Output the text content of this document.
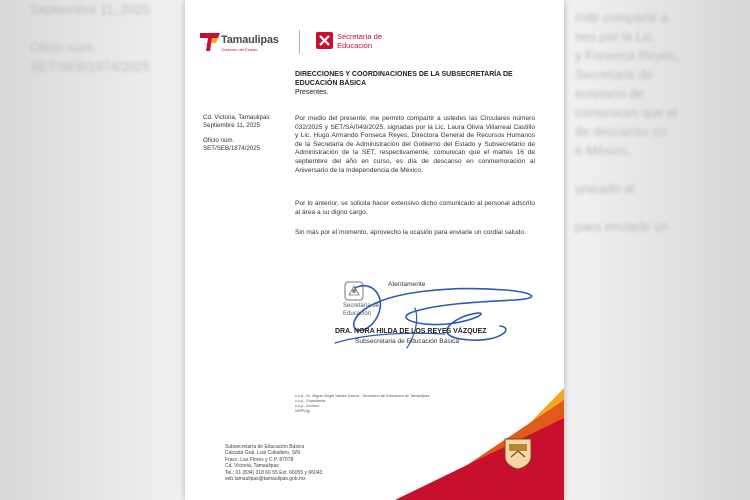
Septiembre 11, 2025

Oficio núm.
SET/SEB/1874/2025
mitir compartir a
nes por la Lic.
y Fonseca Reyes,
Secretaría de
ecretario de
comunican que el
de descanso en
e México.

unicado al

para enviarle un
Tamaulipas
Gobierno del Estado
Secretaría de Educación
DIRECCIONES Y COORDINACIONES DE LA SUBSECRETARÍA DE EDUCACIÓN BÁSICA
Presentes.
Cd. Victoria, Tamaulipas
Septiembre 11, 2025
Oficio núm.
SET/SEB/1874/2025
Por medio del presente, me permito compartir a ustedes las Circulares número 032/2025 y SET/SA/049/2025, signadas por la Lic. Laura Olivia Villarreal Castillo y Lic. Hugo Armando Fonseca Reyes, Directora General de Recursos Humanos de la Secretaría de Administración del Gobierno del Estado y Subsecretario de Administración de la SET, respectivamente, comunican que el martes 16 de septiembre del año en curso, es día de descanso en conmemoración al Aniversario de la Independencia de México.
Por lo anterior, se solicita hacer extensivo dicho comunicado al personal adscrito al área a su digno cargo.
Sin más por el momento, aprovecho la ocasión para enviarle un cordial saludo.
Secretaría de Educación
Atentamente
DRA. NORA HILDA DE LOS REYES VÁZQUEZ
Subsecretaria de Educación Básica
c.c.p.- Dr. Miguel Ángel Valdez García.- Secretario de Educación de Tamaulipas.
c.c.p.- Expediente.
c.c.p.- Archivo.
NHRV/jg
Subsecretaría de Educación Básica
Calzada Gral. Luis Caballero, S/N
Fracc. Las Flores y C.P. 87078
Cd. Victoria, Tamaulipas
Tel.: 01 (834) 318 66 55 Ext. 66055 y 66043
seb.tamaulipas@tamaulipas.gob.mx
